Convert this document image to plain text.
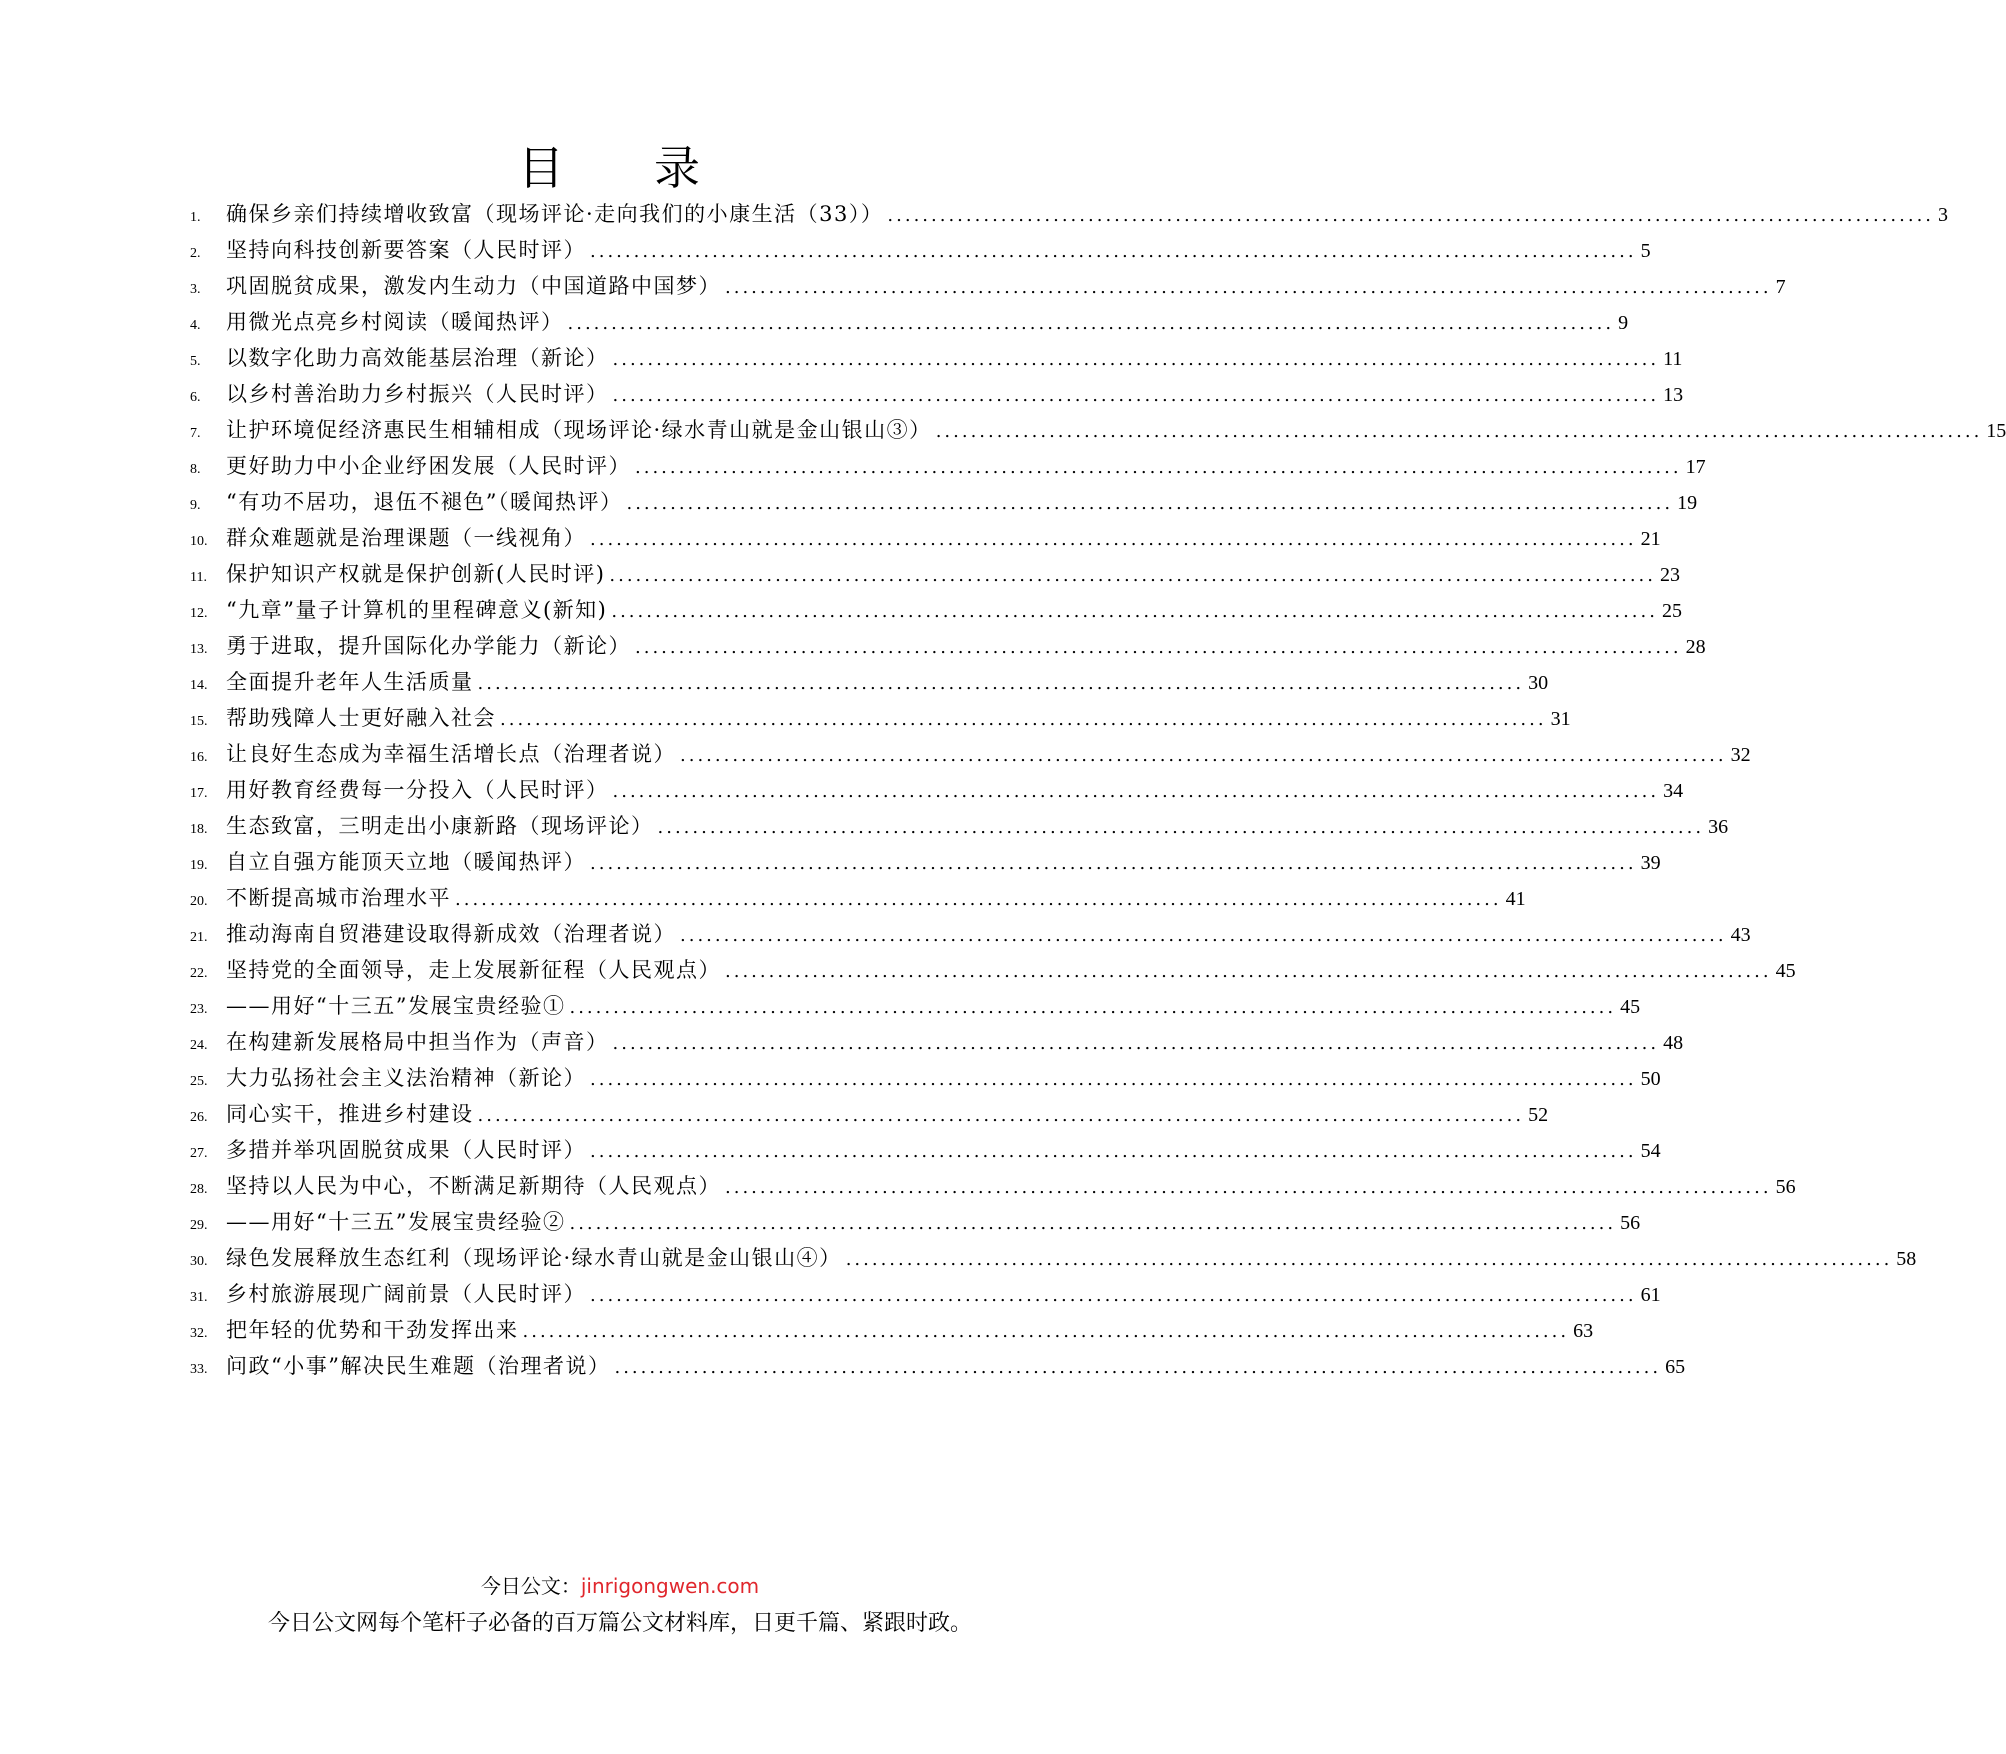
目　录
1.	确保乡亲们持续增收致富（现场评论·走向我们的小康生活（33）） ........................................................................................................................ 3
2.	坚持向科技创新要答案（人民时评） ........................................................................................................................ 5
3.	巩固脱贫成果，激发内生动力（中国道路中国梦） ........................................................................................................................ 7
4.	用微光点亮乡村阅读（暖闻热评） ........................................................................................................................ 9
5.	以数字化助力高效能基层治理（新论） ........................................................................................................................ 11
6.	以乡村善治助力乡村振兴（人民时评） ........................................................................................................................ 13
7.	让护环境促经济惠民生相辅相成（现场评论·绿水青山就是金山银山③） ........................................................................................................................ 15
8.	更好助力中小企业纾困发展（人民时评） ........................................................................................................................ 17
9.	“有功不居功，退伍不褪色”（暖闻热评） ........................................................................................................................ 19
10. 群众难题就是治理课题（一线视角） ........................................................................................................................ 21
11. 保护知识产权就是保护创新(人民时评) ........................................................................................................................ 23
12. “九章”量子计算机的里程碑意义(新知) ........................................................................................................................ 25
13. 勇于进取，提升国际化办学能力（新论） ........................................................................................................................ 28
14. 全面提升老年人生活质量 ........................................................................................................................ 30
15. 帮助残障人士更好融入社会 ........................................................................................................................ 31
16. 让良好生态成为幸福生活增长点（治理者说） ........................................................................................................................ 32
17. 用好教育经费每一分投入（人民时评） ........................................................................................................................ 34
18. 生态致富，三明走出小康新路（现场评论） ........................................................................................................................ 36
19. 自立自强方能顶天立地（暖闻热评） ........................................................................................................................ 39
20. 不断提高城市治理水平 ........................................................................................................................ 41
21. 推动海南自贸港建设取得新成效（治理者说） ........................................................................................................................ 43
22. 坚持党的全面领导，走上发展新征程（人民观点） ........................................................................................................................ 45
23. ——用好“十三五”发展宝贵经验① ........................................................................................................................ 45
24. 在构建新发展格局中担当作为（声音） ........................................................................................................................ 48
25. 大力弘扬社会主义法治精神（新论） ........................................................................................................................ 50
26. 同心实干，推进乡村建设 ........................................................................................................................ 52
27. 多措并举巩固脱贫成果（人民时评） ........................................................................................................................ 54
28. 坚持以人民为中心，不断满足新期待（人民观点） ........................................................................................................................ 56
29. ——用好“十三五”发展宝贵经验② ........................................................................................................................ 56
30. 绿色发展释放生态红利（现场评论·绿水青山就是金山银山④） ........................................................................................................................ 58
31. 乡村旅游展现广阔前景（人民时评） ........................................................................................................................ 61
32. 把年轻的优势和干劲发挥出来 ........................................................................................................................ 63
33. 问政“小事”解决民生难题（治理者说） ........................................................................................................................ 65
今日公文：jinrigongwen.com
今日公文网每个笔杆子必备的百万篇公文材料库，日更千篇、紧跟时政。
